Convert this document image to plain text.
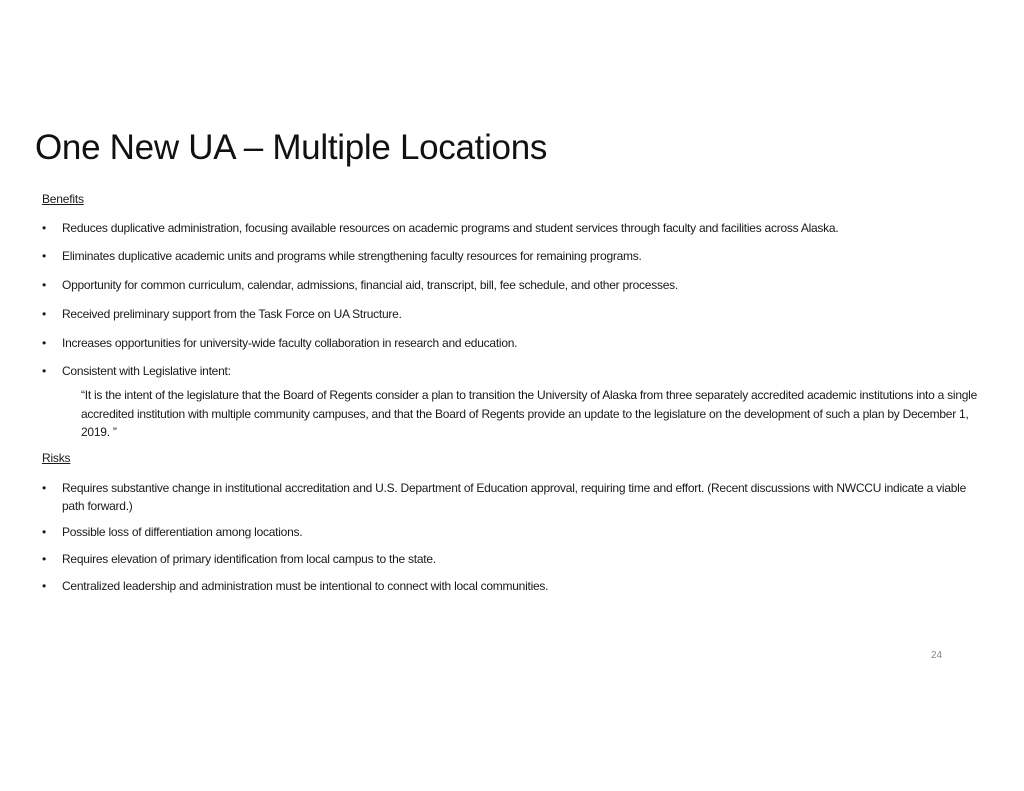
One New UA – Multiple Locations
Benefits
• Reduces duplicative administration, focusing available resources on academic programs and student services through faculty and facilities across Alaska.
• Eliminates duplicative academic units and programs while strengthening faculty resources for remaining programs.
• Opportunity for common curriculum, calendar, admissions, financial aid, transcript, bill, fee schedule, and other processes.
• Received preliminary support from the Task Force on UA Structure.
• Increases opportunities for university-wide faculty collaboration in research and education.
• Consistent with Legislative intent:
“It is the intent of the legislature that the Board of Regents consider a plan to transition the University of Alaska from three separately accredited academic institutions into a single accredited institution with multiple community campuses, and that the Board of Regents provide an update to the legislature on the development of such a plan by December 1, 2019. ”
Risks
• Requires substantive change in institutional accreditation and U.S. Department of Education approval, requiring time and effort. (Recent discussions with NWCCU indicate a viable path forward.)
• Possible loss of differentiation among locations.
• Requires elevation of primary identification from local campus to the state.
• Centralized leadership and administration must be intentional to connect with local communities.
24
